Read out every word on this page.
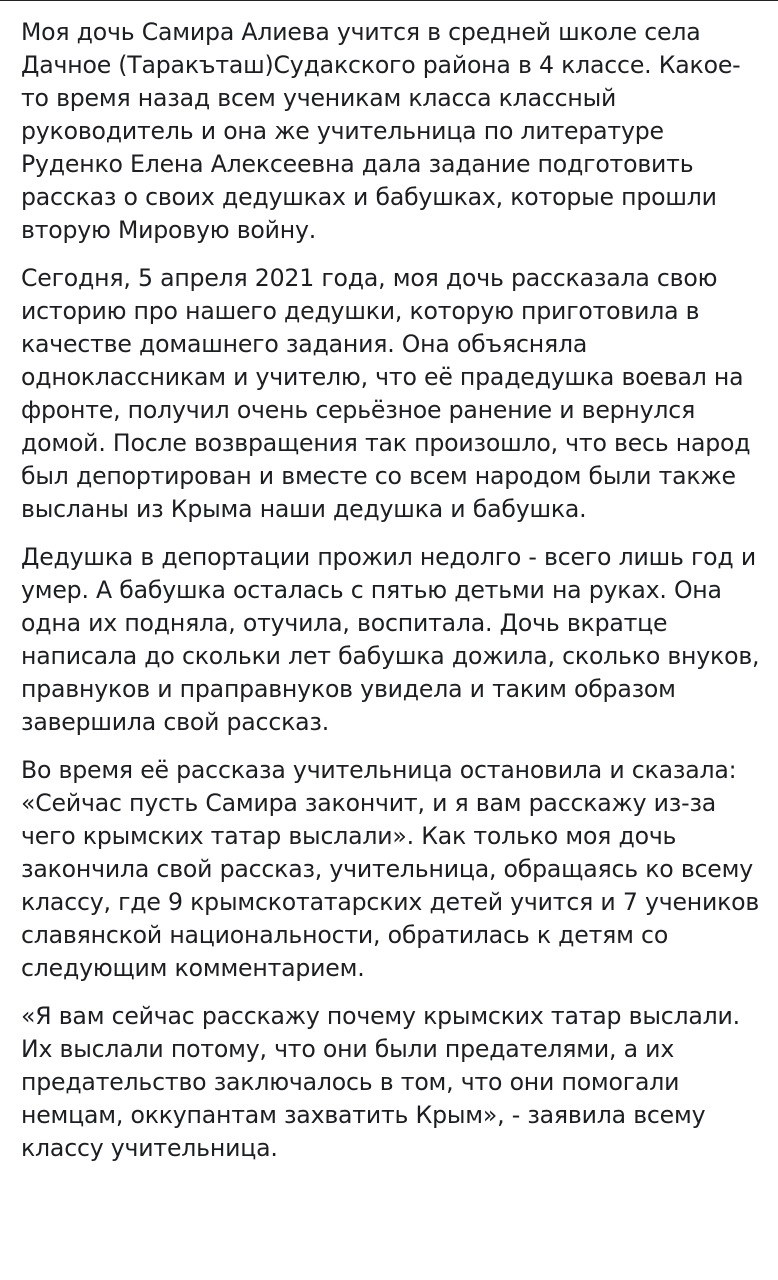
Моя дочь Самира Алиева учится в средней школе села Дачное (Таракъташ)Судакского района в 4 классе. Какое-то время назад всем ученикам класса классный руководитель и она же учительница по литературе Руденко Елена Алексеевна дала задание подготовить рассказ о своих дедушках и бабушках, которые прошли вторую Мировую войну.

Сегодня, 5 апреля 2021 года, моя дочь рассказала свою историю про нашего дедушки, которую приготовила в качестве домашнего задания. Она объясняла одноклассникам и учителю, что её прадедушка воевал на фронте, получил очень серьёзное ранение и вернулся домой. После возвращения так произошло, что весь народ был депортирован и вместе со всем народом были также высланы из Крыма наши дедушка и бабушка.

Дедушка в депортации прожил недолго - всего лишь год и умер. А бабушка осталась с пятью детьми на руках. Она одна их подняла, отучила, воспитала. Дочь вкратце написала до скольки лет бабушка дожила, сколько внуков, правнуков и праправнуков увидела и таким образом завершила свой рассказ.

Во время её рассказа учительница остановила и сказала: «Сейчас пусть Самира закончит, и я вам расскажу из-за чего крымских татар выслали». Как только моя дочь закончила свой рассказ, учительница, обращаясь ко всему классу, где 9 крымскотатарских детей учится и 7 учеников славянской национальности, обратилась к детям со следующим комментарием.

«Я вам сейчас расскажу почему крымских татар выслали. Их выслали потому, что они были предателями, а их предательство заключалось в том, что они помогали немцам, оккупантам захватить Крым», - заявила всему классу учительница.
